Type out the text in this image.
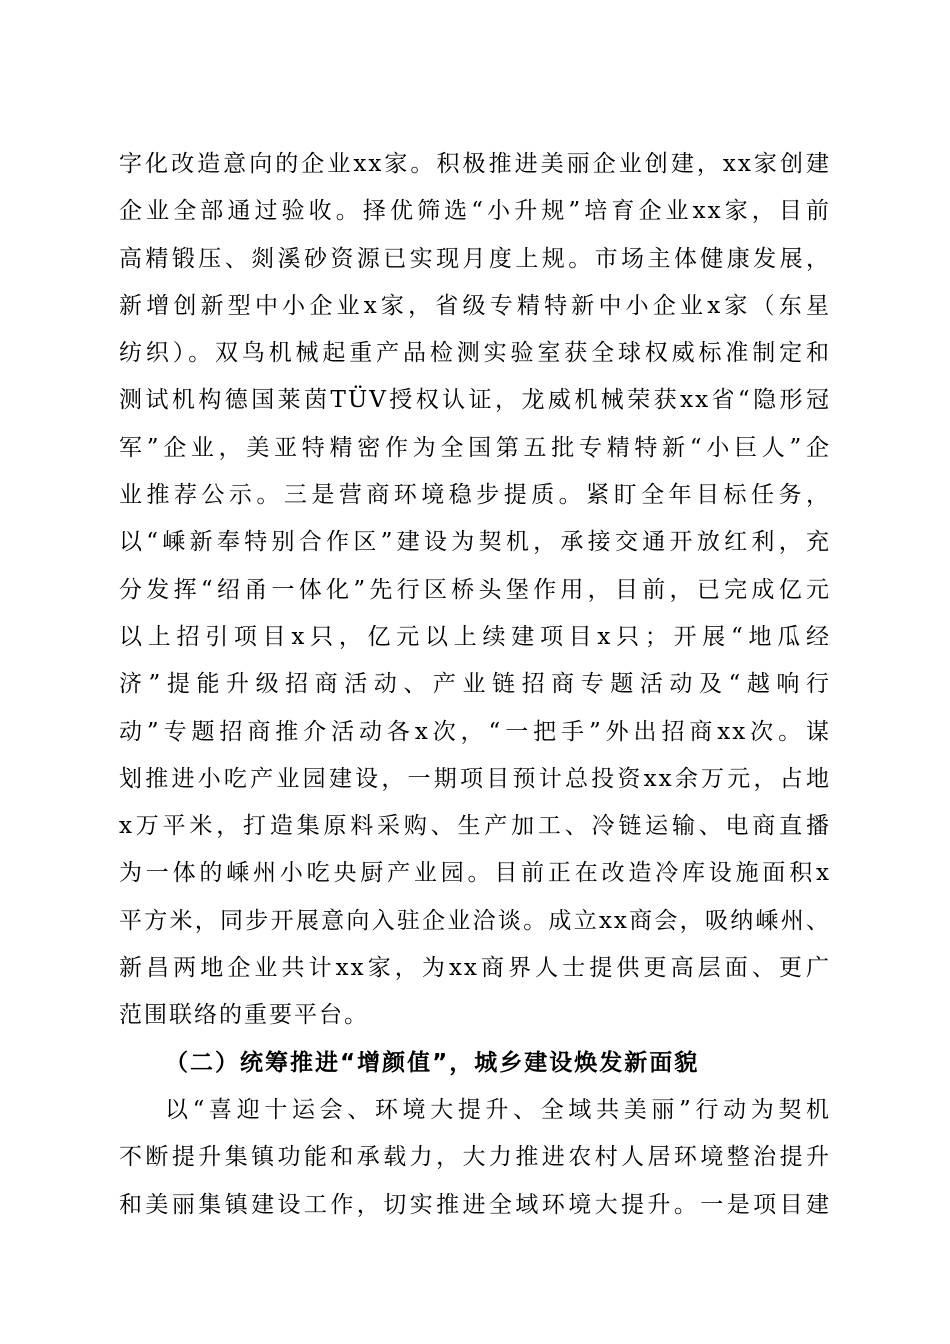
字化改造意向的企业xx家。积极推进美丽企业创建，xx家创建
企业全部通过验收。择优筛选“小升规”培育企业xx家，目前
高精锻压、剡溪砂资源已实现月度上规。市场主体健康发展，
新增创新型中小企业x家，省级专精特新中小企业x家（东星
纺织）。双鸟机械起重产品检测实验室获全球权威标准制定和
测试机构德国莱茵TÜV授权认证，龙威机械荣获xx省“隐形冠
军”企业，美亚特精密作为全国第五批专精特新“小巨人”企
业推荐公示。三是营商环境稳步提质。紧盯全年目标任务，
以“嵊新奉特别合作区”建设为契机，承接交通开放红利，充
分发挥“绍甬一体化”先行区桥头堡作用，目前，已完成亿元
以上招引项目x只，亿元以上续建项目x只；开展“地瓜经
济”提能升级招商活动、产业链招商专题活动及“越响行
动”专题招商推介活动各x次，“一把手”外出招商xx次。谋
划推进小吃产业园建设，一期项目预计总投资xx余万元，占地
x万平米，打造集原料采购、生产加工、冷链运输、电商直播
为一体的嵊州小吃央厨产业园。目前正在改造冷库设施面积x
平方米，同步开展意向入驻企业洽谈。成立xx商会，吸纳嵊州、
新昌两地企业共计xx家，为xx商界人士提供更高层面、更广
范围联络的重要平台。
（二）统筹推进“增颜值”，城乡建设焕发新面貌
以“喜迎十运会、环境大提升、全域共美丽”行动为契机
不断提升集镇功能和承载力，大力推进农村人居环境整治提升
和美丽集镇建设工作，切实推进全域环境大提升。一是项目建
